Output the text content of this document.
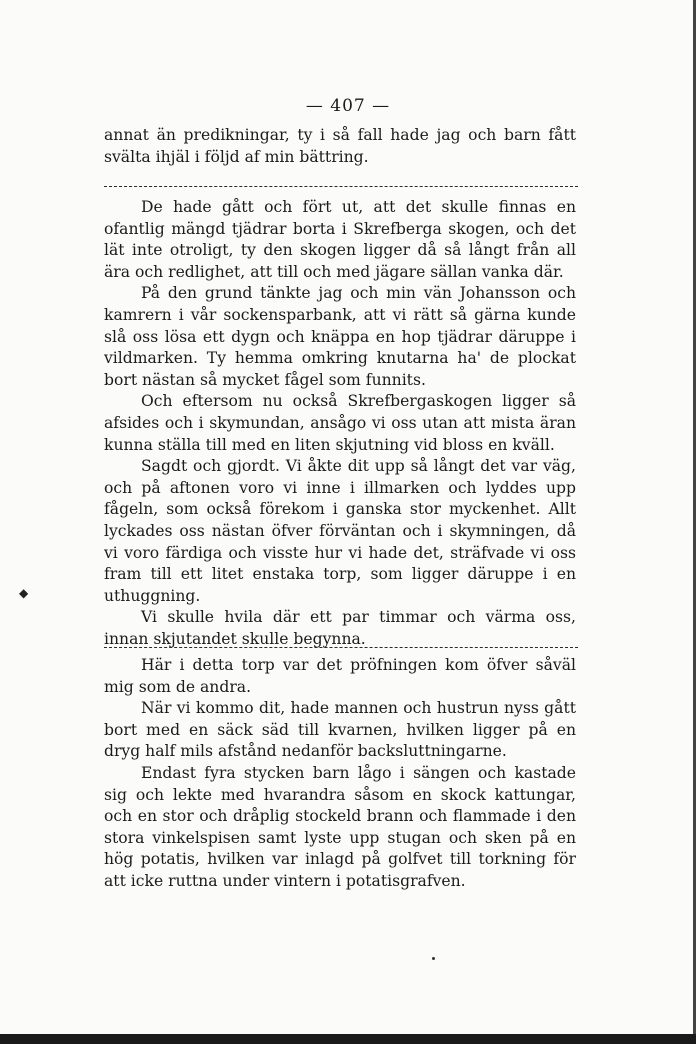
— 407 —

annat än predikningar, ty i så fall hade jag och barn fått svälta ihjäl i följd af min bättring.

De hade gått och fört ut, att det skulle finnas en ofantlig mängd tjädrar borta i Skrefberga skogen, och det lät inte otroligt, ty den skogen ligger då så långt från all ära och redlighet, att till och med jägare sällan vanka där.

På den grund tänkte jag och min vän Johansson och kamrern i vår sockensparbank, att vi rätt så gärna kunde slå oss lösa ett dygn och knäppa en hop tjädrar däruppe i vildmarken. Ty hemma omkring knutarna ha' de plockat bort nästan så mycket fågel som funnits.

Och eftersom nu också Skrefbergaskogen ligger så afsides och i skymundan, ansågo vi oss utan att mista äran kunna ställa till med en liten skjutning vid bloss en kväll.

Sagdt och gjordt. Vi åkte dit upp så långt det var väg, och på aftonen voro vi inne i illmarken och lyddes upp fågeln, som också förekom i ganska stor myckenhet. Allt lyckades oss nästan öfver förväntan och i skymningen, då vi voro färdiga och visste hur vi hade det, sträfvade vi oss fram till ett litet enstaka torp, som ligger däruppe i en uthuggning.

Vi skulle hvila där ett par timmar och värma oss, innan skjutandet skulle begynna.

Här i detta torp var det pröfningen kom öfver såväl mig som de andra.

När vi kommo dit, hade mannen och hustrun nyss gått bort med en säck säd till kvarnen, hvilken ligger på en dryg half mils afstånd nedanför backsluttningarne.

Endast fyra stycken barn lågo i sängen och kastade sig och lekte med hvarandra såsom en skock kattungar, och en stor och dråplig stockeld brann och flammade i den stora vinkelspisen samt lyste upp stugan och sken på en hög potatis, hvilken var inlagd på golfvet till torkning för att icke ruttna under vintern i potatisgrafven.

◆
